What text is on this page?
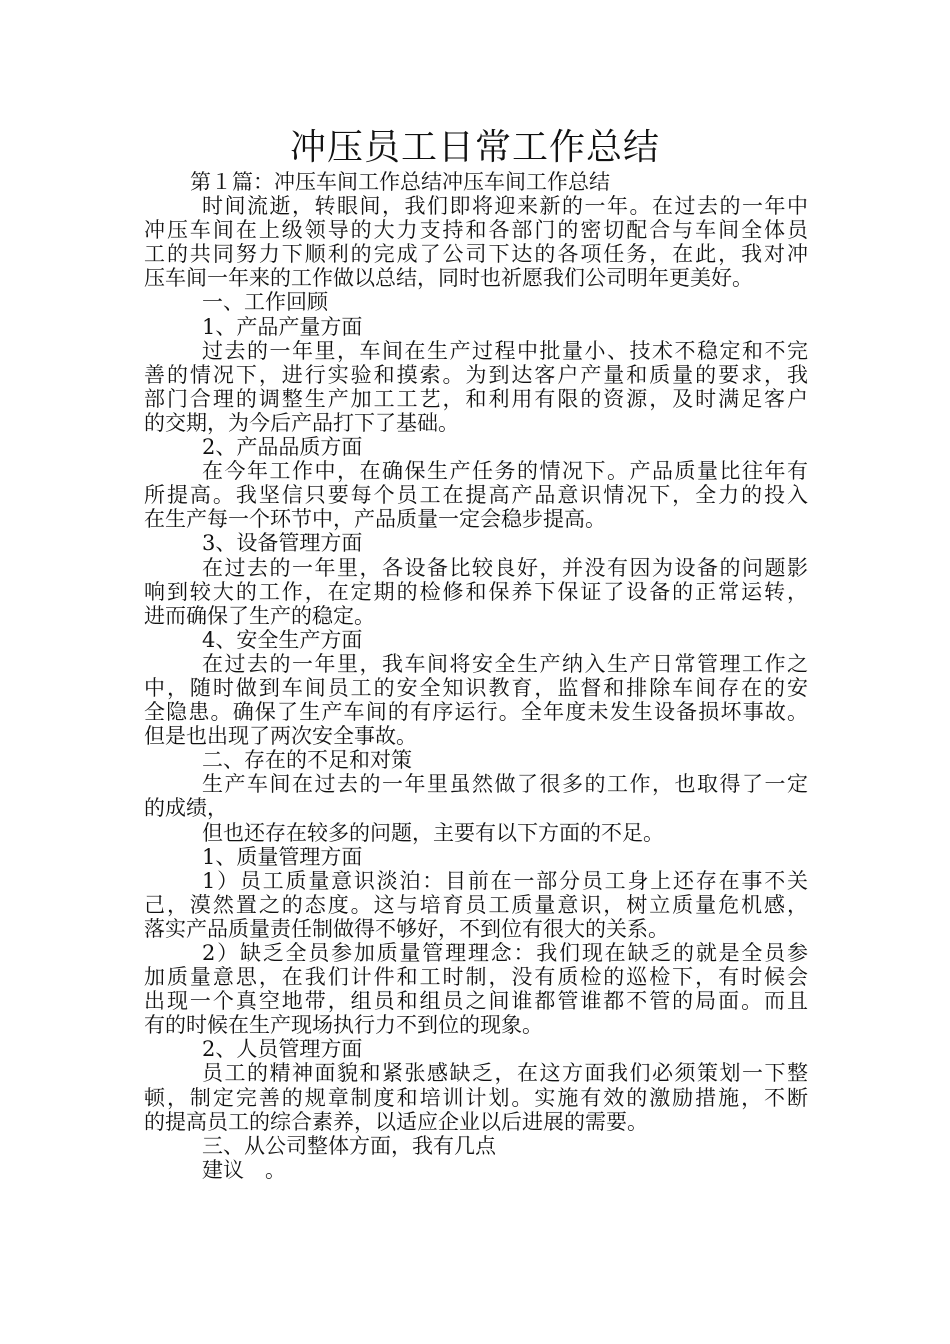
冲压员工日常工作总结
第１篇：冲压车间工作总结冲压车间工作总结
时间流逝，转眼间，我们即将迎来新的一年。在过去的一年中
冲压车间在上级领导的大力支持和各部门的密切配合与车间全体员
工的共同努力下顺利的完成了公司下达的各项任务，在此，我对冲
压车间一年来的工作做以总结，同时也祈愿我们公司明年更美好。
一、工作回顾
1、产品产量方面
过去的一年里，车间在生产过程中批量小、技术不稳定和不完
善的情况下，进行实验和摸索。为到达客户产量和质量的要求，我
部门合理的调整生产加工工艺，和利用有限的资源，及时满足客户
的交期，为今后产品打下了基础。
2、产品品质方面
在今年工作中，在确保生产任务的情况下。产品质量比往年有
所提高。我坚信只要每个员工在提高产品意识情况下，全力的投入
在生产每一个环节中，产品质量一定会稳步提高。
3、设备管理方面
在过去的一年里，各设备比较良好，并没有因为设备的问题影
响到较大的工作，在定期的检修和保养下保证了设备的正常运转，
进而确保了生产的稳定。
4、安全生产方面
在过去的一年里，我车间将安全生产纳入生产日常管理工作之
中，随时做到车间员工的安全知识教育，监督和排除车间存在的安
全隐患。确保了生产车间的有序运行。全年度未发生设备损坏事故。
但是也出现了两次安全事故。
二、存在的不足和对策
生产车间在过去的一年里虽然做了很多的工作，也取得了一定
的成绩，
但也还存在较多的问题，主要有以下方面的不足。
1、质量管理方面
1）员工质量意识淡泊：目前在一部分员工身上还存在事不关
己，漠然置之的态度。这与培育员工质量意识，树立质量危机感，
落实产品质量责任制做得不够好，不到位有很大的关系。
2）缺乏全员参加质量管理理念：我们现在缺乏的就是全员参
加质量意思，在我们计件和工时制，没有质检的巡检下，有时候会
出现一个真空地带，组员和组员之间谁都管谁都不管的局面。而且
有的时候在生产现场执行力不到位的现象。
2、人员管理方面
员工的精神面貌和紧张感缺乏，在这方面我们必须策划一下整
顿，制定完善的规章制度和培训计划。实施有效的激励措施，不断
的提高员工的综合素养，以适应企业以后进展的需要。
三、从公司整体方面，我有几点
建议　。
